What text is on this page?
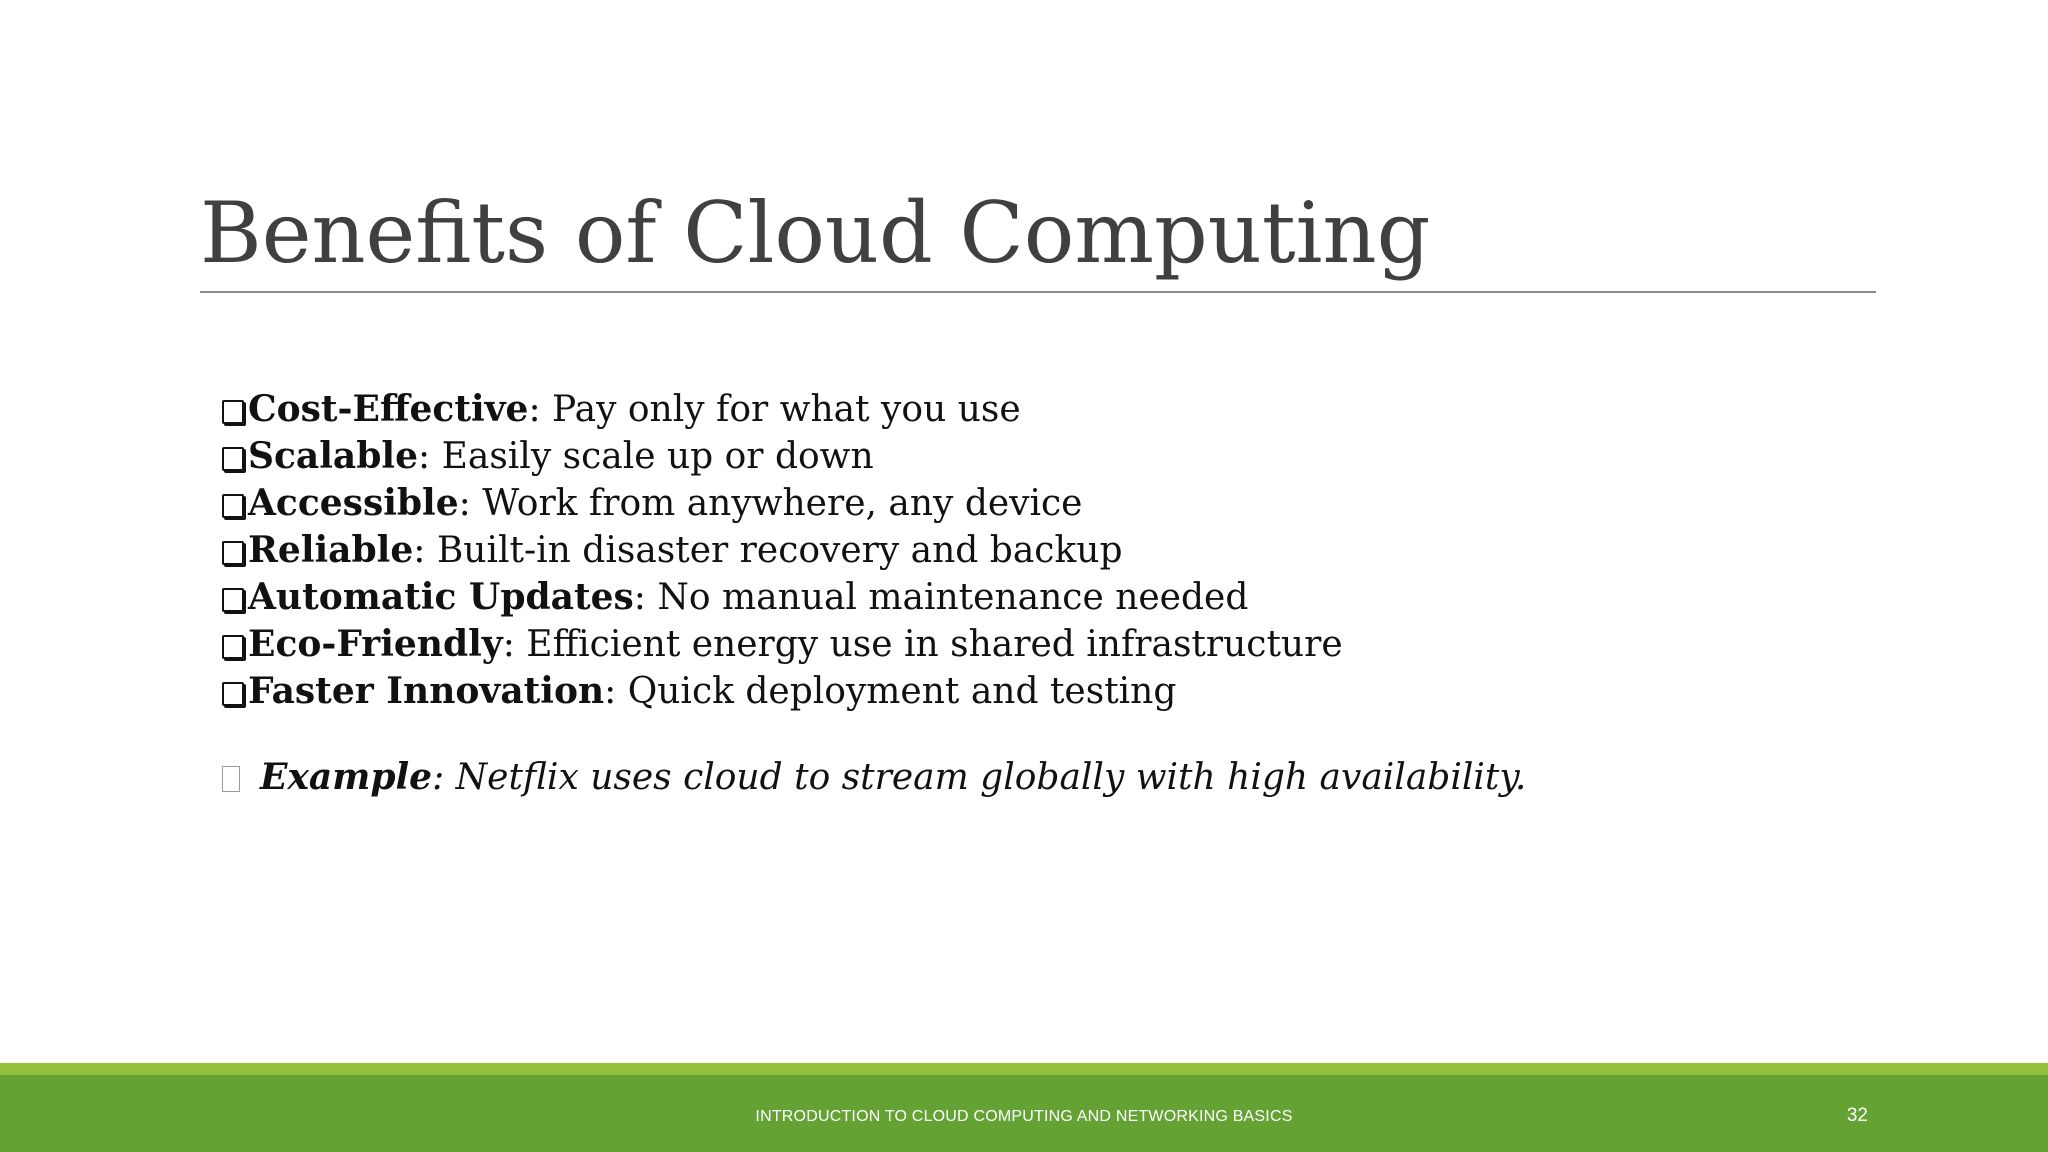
Benefits of Cloud Computing
Cost-Effective : Pay only for what you use
Scalable : Easily scale up or down
Accessible : Work from anywhere, any device
Reliable : Built-in disaster recovery and backup
Automatic Updates : No manual maintenance needed
Eco-Friendly : Efficient energy use in shared infrastructure
Faster Innovation : Quick deployment and testing
Example : Netflix uses cloud to stream globally with high availability.
INTRODUCTION TO CLOUD COMPUTING AND NETWORKING BASICS	32
